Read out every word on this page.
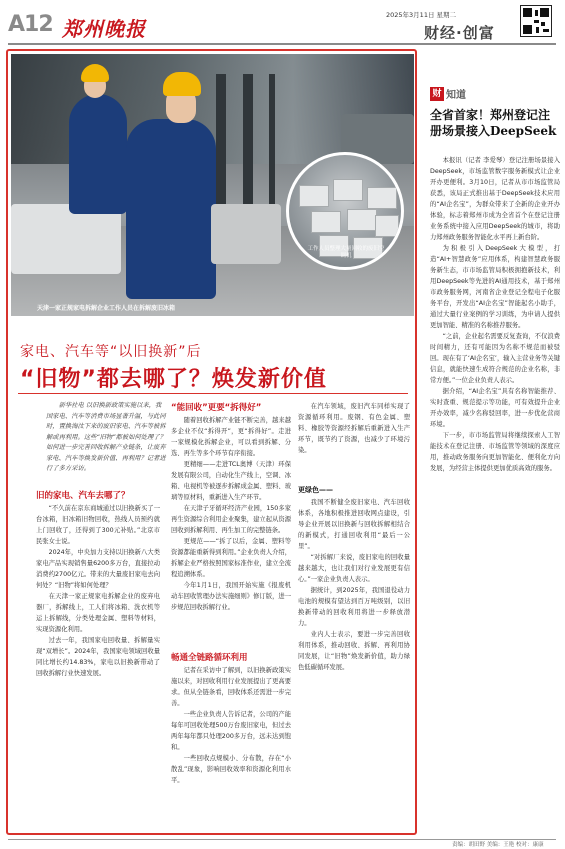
A12 郑州晚报
2025年3月11日 星期二
财经·创富
工作人员整理大量回收的废旧空调机
天津一家正规家电拆解企业工作人员在拆解废旧冰箱
家电、汽车等“以旧换新”后
“旧物”都去哪了？焕发新价值
新华社电 以旧换新政策实施以来，我国家电、汽车等消费市场显著升温，与此同时，置换淘汰下来的废旧家电、汽车等被拆解或再利用。这些“旧物”都被如何处理了？如何进一步完善回收拆解产业链条，让废弃家电、汽车等焕发新价值、再利用？记者进行了多方采访。
旧的家电、汽车去哪了？

“不久前在京东商城通过以旧换新买了一台冰箱，旧冰箱旧物回收，热线人员预约就上门回收了，还得到了300元补贴。”北京市民张女士说。

2024年，中央加力支持以旧换新八大类家电产品实现销售量6200多万台，直接拉动消费约2700亿元。带来的大量废旧家电去向何处？“旧物”将如何处理？

在天津一家正规家电拆解企业的废弃电器厂，拆解线上，工人们将冰箱、洗衣机等运上拆解线，分类处理金属、塑料等材料，实现资源化利用。

过去一年，我国家电回收量、拆解量实现“双增长”。2024年，我国家电领域回收量同比增长约14.83%，家电以旧换新带动了回收拆解行业快速发展。

“能回收”更要“拆得好”

随着回收拆解产业链不断完善，越来越多企业不仅“拆得开”，更“拆得好”。走进一家规模化拆解企业，可以看到拆解、分选、再生等多个环节有序衔接。

更精细——走进TCL奥博（天津）环保发展有限公司，自动化生产线上，空调、冰箱、电视机等被逐步拆解成金属、塑料、玻璃等原材料，重新进入生产环节。

在天津子牙循环经济产业园，150多家再生资源综合利用企业聚集，建立起从资源回收到拆解利用、再生加工的完整链条。

更规范——“拆了以后，金属、塑料等资源都能重新得到利用。”企业负责人介绍，拆解企业严格按照国家标准作业，建立全流程追溯体系。

今年1月1日，我国开始实施《报废机动车回收管理办法实施细则》修订版，进一步规范回收拆解行业。

畅通全链路循环利用

记者在采访中了解到，以旧换新政策实施以来，对回收利用行业发展提出了更高要求。但从全链条看，回收体系还需进一步完善。

一些企业负责人告诉记者，公司的产能每年可回收处理500万台废旧家电，但过去两年每年都只处理200多万台，远未达到饱和。

一些回收点规模小、分布散，存在“小散乱”现象，影响回收效率和资源化利用水平。

在汽车领域，废旧汽车同样实现了资源循环利用。废钢、有色金属、塑料、橡胶等资源经拆解后重新进入生产环节，既节约了资源，也减少了环境污染。

更绿色——

我国不断健全废旧家电、汽车回收体系，各地积极推进回收网点建设，引导企业开展以旧换新与回收拆解相结合的新模式，打通回收利用“最后一公里”。

“对拆解厂来说，废旧家电的回收量越来越大，也让我们对行业发展更有信心。”一家企业负责人表示。

据统计，到2025年，我国退役动力电池的规模有望达到百万吨级别，以旧换新带动的回收利用将进一步释放潜力。

业内人士表示，要进一步完善回收利用体系，推动回收、拆解、再利用协同发展，让“旧物”焕发新价值，助力绿色低碳循环发展。

财 知道
全省首家！郑州登记注册场景接入DeepSeek

本报讯（记者 李爱琴）登记注册场景接入DeepSeek，市场监管数字服务新模式让企业开办更便利。3月10日，记者从市市场监管局获悉，该局正式推出基于DeepSeek技术应用的“AI企名宝”，为群众带来了全新的企业开办体验，标志着郑州市成为全省首个在登记注册业务系统中接入应用DeepSeek的城市，将助力郑州政务服务智能化水平再上新台阶。

为积极引入DeepSeek大模型，打造“AI+智慧政务”应用体系，构建智慧政务服务新生态，市市场监管局积极拥抱新技术，利用DeepSeek等先进的AI通用技术，基于郑州市政务服务网，河南省企业登记全程电子化服务平台，开发出“AI企名宝”智能起名小助手，通过大量行业案例的学习训练，为申请人提供更加智能、精准的名称推荐服务。

“之前，企业起名需要反复查询，不仅浪费时间精力，还有可能因为名称不规范而被驳回。现在有了‘AI企名宝’，输入主营业务等关键信息，就能快速生成符合规范的企业名称，非常方便。”一位企业负责人表示。

据介绍，“AI企名宝”具有名称智能推荐、实时查重、规范提示等功能，可有效提升企业开办效率，减少名称驳回率，进一步优化营商环境。

下一步，市市场监管局将继续探索人工智能技术在登记注册、市场监管等领域的深度应用，推动政务服务向更加智能化、便利化方向发展，为经营主体提供更加优质高效的服务。

责编：胡田野 美编：王艳 校对：康康
